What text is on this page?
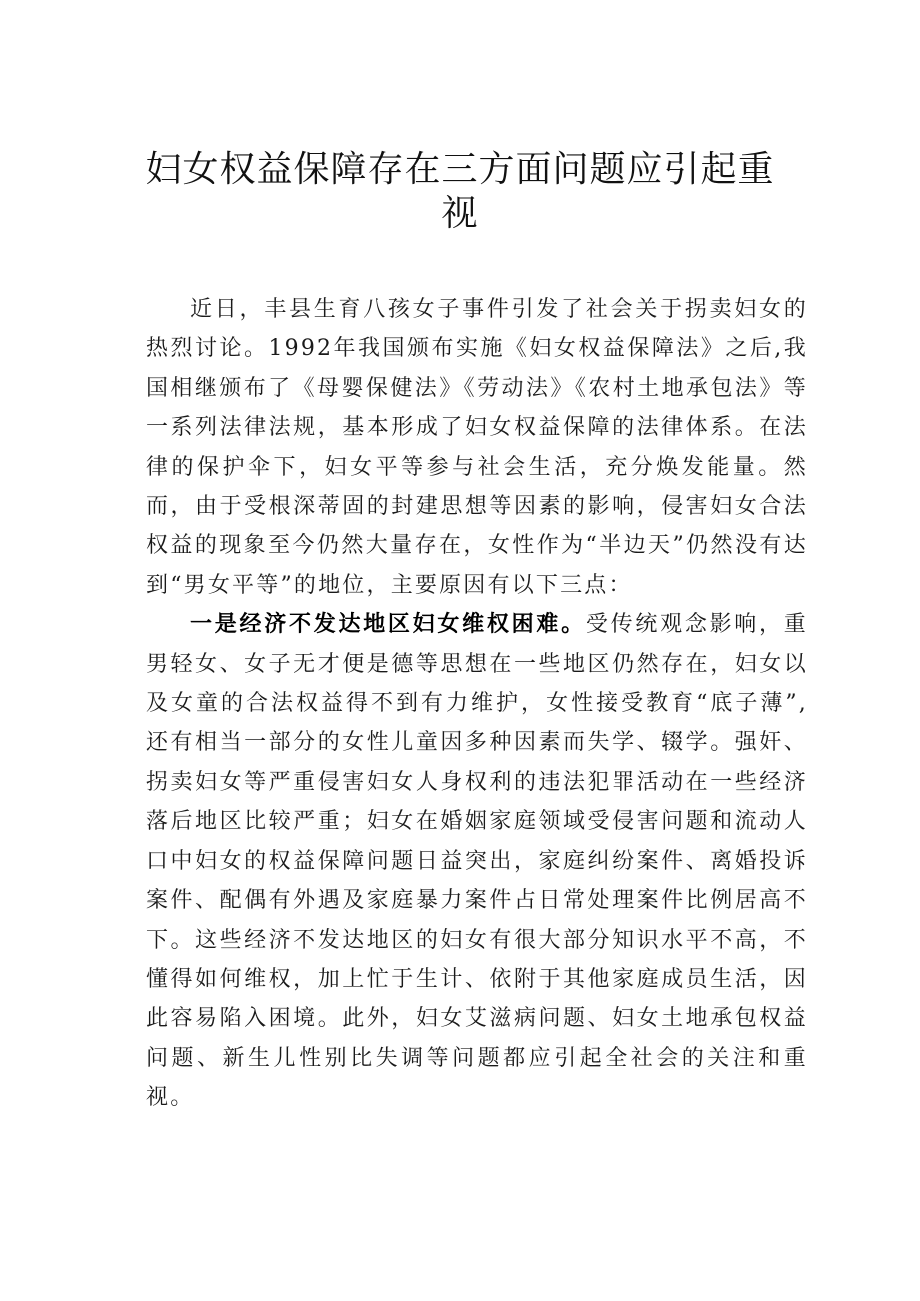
妇女权益保障存在三方面问题应引起重视

近日，丰县生育八孩女子事件引发了社会关于拐卖妇女的热烈讨论。1992年我国颁布实施《妇女权益保障法》之后,我国相继颁布了《母婴保健法》《劳动法》《农村土地承包法》等一系列法律法规，基本形成了妇女权益保障的法律体系。在法律的保护伞下，妇女平等参与社会生活，充分焕发能量。然而，由于受根深蒂固的封建思想等因素的影响，侵害妇女合法权益的现象至今仍然大量存在，女性作为“半边天”仍然没有达到“男女平等”的地位，主要原因有以下三点：

一是经济不发达地区妇女维权困难。受传统观念影响，重男轻女、女子无才便是德等思想在一些地区仍然存在，妇女以及女童的合法权益得不到有力维护，女性接受教育“底子薄”,还有相当一部分的女性儿童因多种因素而失学、辍学。强奸、拐卖妇女等严重侵害妇女人身权利的违法犯罪活动在一些经济落后地区比较严重；妇女在婚姻家庭领域受侵害问题和流动人口中妇女的权益保障问题日益突出，家庭纠纷案件、离婚投诉案件、配偶有外遇及家庭暴力案件占日常处理案件比例居高不下。这些经济不发达地区的妇女有很大部分知识水平不高，不懂得如何维权，加上忙于生计、依附于其他家庭成员生活，因此容易陷入困境。此外，妇女艾滋病问题、妇女土地承包权益问题、新生儿性别比失调等问题都应引起全社会的关注和重视。
